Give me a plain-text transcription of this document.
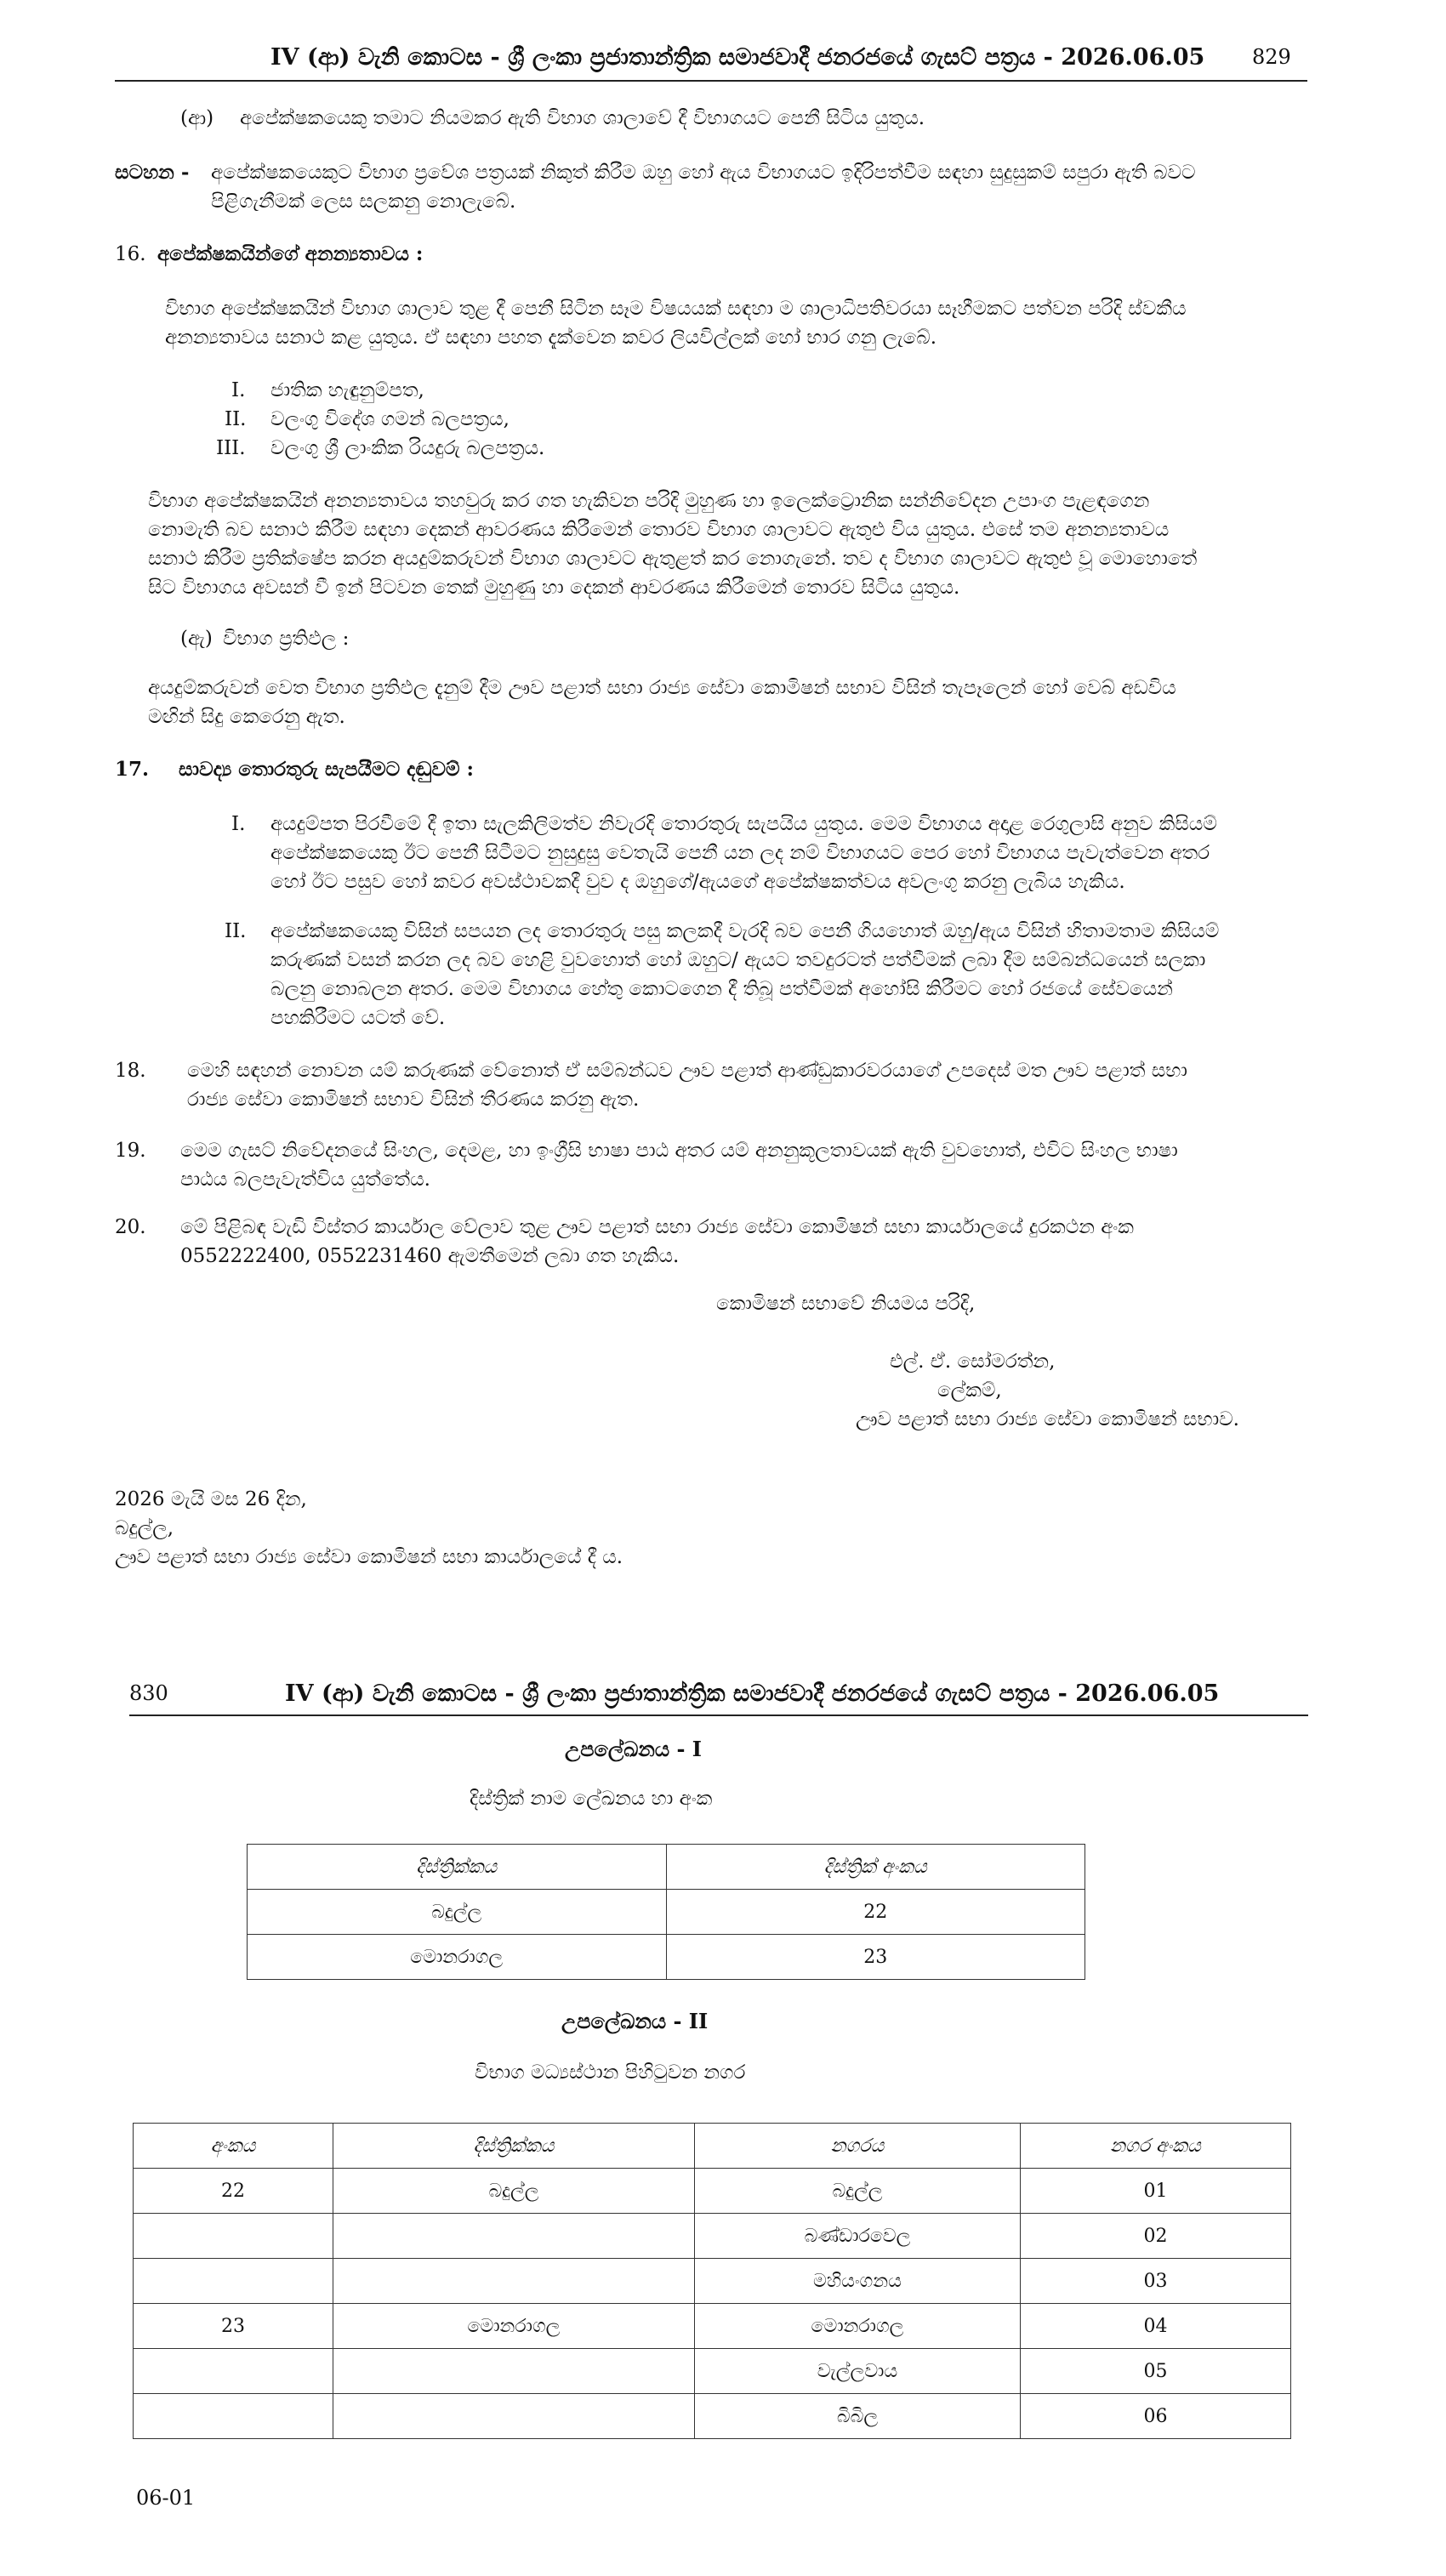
IV (ආ) වැනි කොටස - ශ්‍රී ලංකා ප්‍රජාතාන්ත්‍රික සමාජවාදී ජනරජයේ ගැසට් පත්‍රය - 2026.06.05 829
(ආ) අපේක්ෂකයෙකු තමාට නියමකර ඇති විභාග ශාලාවේ දී විභාගයට පෙනී සිටිය යුතුය.
සටහන - අපේක්ෂකයෙකුට විභාග ප්‍රවේශ පත්‍රයක් නිකුත් කිරීම ඔහු හෝ ඇය විභාගයට ඉදිරිපත්වීම සඳහා සුදුසුකම් සපුරා ඇති බවට
පිළිගැනීමක් ලෙස සලකනු නොලැබේ.
16. අපේක්ෂකයින්ගේ අනන්‍යතාවය :
විභාග අපේක්ෂකයින් විභාග ශාලාව තුළ දී පෙනී සිටින සෑම විෂයයක් සඳහා ම ශාලාධිපතිවරයා සෑහීමකට පත්වන පරිදි ස්වකීය
අනන්‍යතාවය සනාථ කළ යුතුය. ඒ සඳහා පහත දැක්වෙන කවර ලියවිල්ලක් හෝ භාර ගනු ලැබේ.
I. ජාතික හැඳුනුම්පත,
II. වලංගු විදේශ ගමන් බලපත්‍රය,
III. වලංගු ශ්‍රී ලාංකික රියදුරු බලපත්‍රය.
විභාග අපේක්ෂකයින් අනන්‍යතාවය තහවුරු කර ගත හැකිවන පරිදි මුහුණ හා ඉලෙක්ට්‍රොනික සන්නිවේදන උපාංග පැළඳගෙන
නොමැති බව සනාථ කිරීම සඳහා දෙකන් ආවරණය කිරීමෙන් තොරව විභාග ශාලාවට ඇතුළු විය යුතුය. එසේ තම අනන්‍යතාවය
සනාථ කිරීම ප්‍රතික්ෂේප කරන අයදුම්කරුවන් විභාග ශාලාවට ඇතුළත් කර නොගැනේ. තව ද විභාග ශාලාවට ඇතුළු වූ මොහොතේ
සිට විභාගය අවසන් වී ඉන් පිටවන තෙක් මුහුණු හා දෙකන් ආවරණය කිරීමෙන් තොරව සිටිය යුතුය.
(ඇ) විභාග ප්‍රතිඵල :
අයදුම්කරුවන් වෙත විභාග ප්‍රතිඵල දැනුම් දීම ඌව පළාත් සභා රාජ්‍ය සේවා කොමිෂන් සභාව විසින් තැපෑලෙන් හෝ වෙබ් අඩවිය
මඟින් සිදු කෙරෙනු ඇත.
17. සාවද්‍ය තොරතුරු සැපයීමට දඬුවම් :
I. අයදුම්පත පිරවීමේ දී ඉතා සැලකිලිමත්ව නිවැරදි තොරතුරු සැපයිය යුතුය. මෙම විභාගය අදාළ රෙගුලාසි අනුව කිසියම්
අපේක්ෂකයෙකු ඊට පෙනී සිටීමට නුසුදුසු වෙතැයි පෙනී යන ලද නම් විභාගයට පෙර හෝ විභාගය පැවැත්වෙන අතර
හෝ ඊට පසුව හෝ කවර අවස්ථාවකදී වුව ද ඔහුගේ/ඇයගේ අපේක්ෂකත්වය අවලංගු කරනු ලැබිය හැකිය.
II. අපේක්ෂකයෙකු විසින් සපයන ලද තොරතුරු පසු කලකදී වැරදි බව පෙනී ගියහොත් ඔහු/ඇය විසින් හිතාමතාම කිසියම්
කරුණක් වසන් කරන ලද බව හෙළි වුවහොත් හෝ ඔහුට/ ඇයට තවදුරටත් පත්වීමක් ලබා දීම සම්බන්ධයෙන් සලකා
බලනු නොබලන අතර. මෙම විභාගය හේතු කොටගෙන දී තිබූ පත්වීමක් අහෝසි කිරීමට හෝ රජයේ සේවයෙන්
පහකිරීමට යටත් වේ.
18. මෙහි සඳහන් නොවන යම් කරුණක් වේනොත් ඒ සම්බන්ධව ඌව පළාත් ආණ්ඩුකාරවරයාගේ උපදෙස් මත ඌව පළාත් සභා
රාජ්‍ය සේවා කොමිෂන් සභාව විසින් තීරණය කරනු ඇත.
19. මෙම ගැසට් නිවේදනයේ සිංහල, දෙමළ, හා ඉංග්‍රීසි භාෂා පාඨ අතර යම් අනනුකූලතාවයක් ඇති වුවහොත්, එවිට සිංහල භාෂා
පාඨය බලපැවැත්විය යුත්තේය.
20. මේ පිළිබඳ වැඩි විස්තර කාර්යාල වේලාව තුළ ඌව පළාත් සභා රාජ්‍ය සේවා කොමිෂන් සභා කාර්යාලයේ දුරකථන අංක
0552222400, 0552231460 ඇමතීමෙන් ලබා ගත හැකිය.
කොමිෂන් සභාවේ නියමය පරිදි,
එල්. ඒ. සෝමරත්න,
ලේකම්,
ඌව පළාත් සභා රාජ්‍ය සේවා කොමිෂන් සභාව.
2026 මැයි මස 26 දින,
බදුල්ල,
ඌව පළාත් සභා රාජ්‍ය සේවා කොමිෂන් සභා කාර්යාලයේ දී ය.
830	IV (ආ) වැනි කොටස - ශ්‍රී ලංකා ප්‍රජාතාන්ත්‍රික සමාජවාදී ජනරජයේ ගැසට් පත්‍රය - 2026.06.05
උපලේඛනය - I
දිස්ත්‍රික් නාම ලේඛනය හා අංක
දිස්ත්‍රික්කය	දිස්ත්‍රික් අංකය
බදුල්ල	22
මොනරාගල	23
උපලේඛනය - II
විභාග මධ්‍යස්ථාන පිහිටුවන නගර
අංකය	දිස්ත්‍රික්කය	නගරය	නගර අංකය
22	බදුල්ල	බදුල්ල	01
		බණ්ඩාරවෙල	02
		මහියංගනය	03
23	මොනරාගල	මොනරාගල	04
		වැල්ලවාය	05
		බිබිල	06
06-01
